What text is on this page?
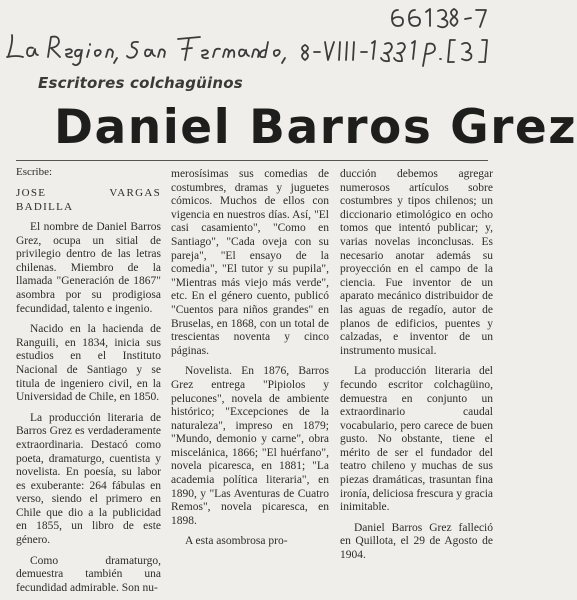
Escritores colchagüinos
Daniel Barros Grez

Escribe:

JOSE VARGAS BADILLA

El nombre de Daniel Barros Grez, ocupa un sitial de privilegio dentro de las letras chilenas. Miembro de la llamada "Generación de 1867" asombra por su prodigiosa fecundidad, talento e ingenio.

Nacido en la hacienda de Ranguili, en 1834, inicia sus estudios en el Instituto Nacional de Santiago y se titula de ingeniero civil, en la Universidad de Chile, en 1850.

La producción literaria de Barros Grez es verdaderamente extraordinaria. Destacó como poeta, dramaturgo, cuentista y novelista. En poesía, su labor es exuberante: 264 fábulas en verso, siendo el primero en Chile que dio a la publicidad en 1855, un libro de este género.

Como dramaturgo, demuestra también una fecundidad admirable. Son nu-

merosísimas sus comedias de costumbres, dramas y juguetes cómicos. Muchos de ellos con vigencia en nuestros días. Así, "El casi casamiento", "Como en Santiago", "Cada oveja con su pareja", "El ensayo de la comedia", "El tutor y su pupila", "Mientras más viejo más verde", etc. En el género cuento, publicó "Cuentos para niños grandes" en Bruselas, en 1868, con un total de trescientas noventa y cinco páginas.

Novelista. En 1876, Barros Grez entrega "Pipiolos y pelucones", novela de ambiente histórico; "Excepciones de la naturaleza", impreso en 1879; "Mundo, demonio y carne", obra miscelánica, 1866; "El huérfano", novela picaresca, en 1881; "La academia política literaria", en 1890, y "Las Aventuras de Cuatro Remos", novela picaresca, en 1898.

A esta asombrosa pro-

ducción debemos agregar numerosos artículos sobre costumbres y tipos chilenos; un diccionario etimológico en ocho tomos que intentó publicar; y, varias novelas inconclusas. Es necesario anotar además su proyección en el campo de la ciencia. Fue inventor de un aparato mecánico distribuidor de las aguas de regadío, autor de planos de edificios, puentes y calzadas, e inventor de un instrumento musical.

La producción literaria del fecundo escritor colchagüino, demuestra en conjunto un extraordinario caudal vocabulario, pero carece de buen gusto. No obstante, tiene el mérito de ser el fundador del teatro chileno y muchas de sus piezas dramáticas, trasuntan fina ironía, deliciosa frescura y gracia inimitable.

Daniel Barros Grez falleció en Quillota, el 29 de Agosto de 1904.
